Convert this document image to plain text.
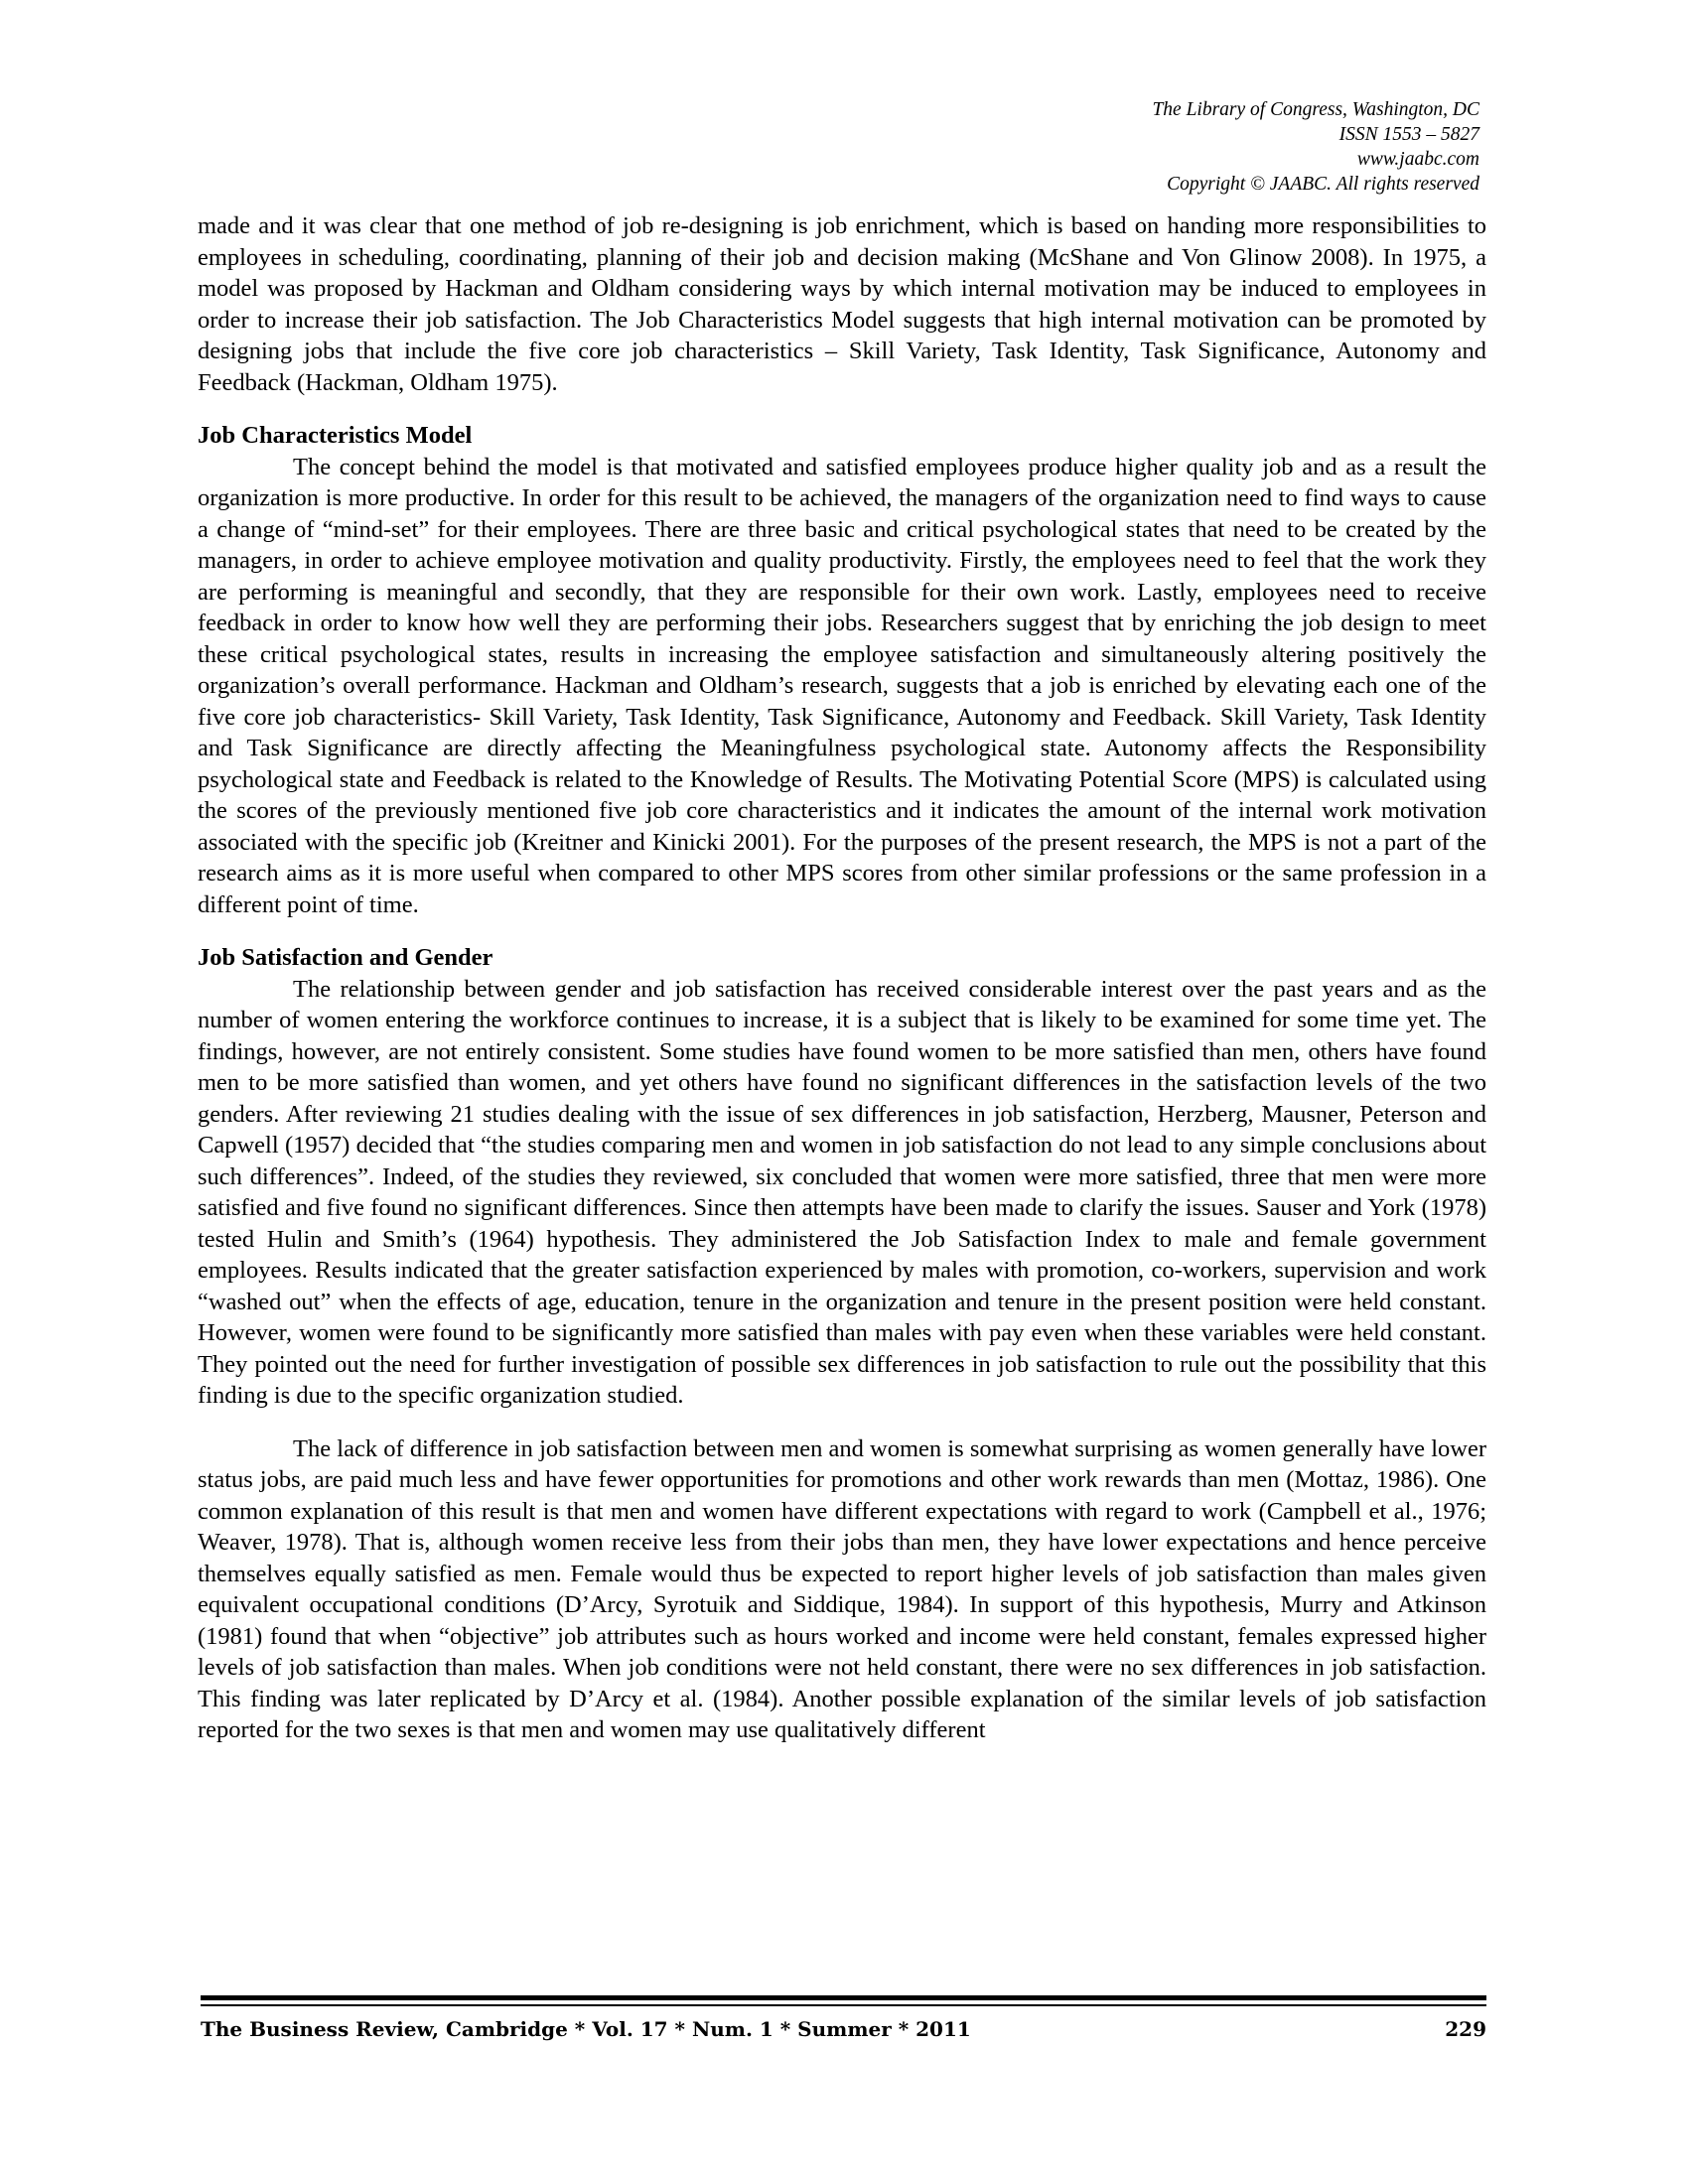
The Library of Congress, Washington, DC
ISSN 1553 – 5827
www.jaabc.com
Copyright © JAABC. All rights reserved

made and it was clear that one method of job re-designing is job enrichment, which is based on handing more responsibilities to employees in scheduling, coordinating, planning of their job and decision making (McShane and Von Glinow 2008). In 1975, a model was proposed by Hackman and Oldham considering ways by which internal motivation may be induced to employees in order to increase their job satisfaction. The Job Characteristics Model suggests that high internal motivation can be promoted by designing jobs that include the five core job characteristics – Skill Variety, Task Identity, Task Significance, Autonomy and Feedback (Hackman, Oldham 1975).

Job Characteristics Model

The concept behind the model is that motivated and satisfied employees produce higher quality job and as a result the organization is more productive. In order for this result to be achieved, the managers of the organization need to find ways to cause a change of “mind-set” for their employees. There are three basic and critical psychological states that need to be created by the managers, in order to achieve employee motivation and quality productivity. Firstly, the employees need to feel that the work they are performing is meaningful and secondly, that they are responsible for their own work. Lastly, employees need to receive feedback in order to know how well they are performing their jobs. Researchers suggest that by enriching the job design to meet these critical psychological states, results in increasing the employee satisfaction and simultaneously altering positively the organization’s overall performance. Hackman and Oldham’s research, suggests that a job is enriched by elevating each one of the five core job characteristics- Skill Variety, Task Identity, Task Significance, Autonomy and Feedback. Skill Variety, Task Identity and Task Significance are directly affecting the Meaningfulness psychological state. Autonomy affects the Responsibility psychological state and Feedback is related to the Knowledge of Results. The Motivating Potential Score (MPS) is calculated using the scores of the previously mentioned five job core characteristics and it indicates the amount of the internal work motivation associated with the specific job (Kreitner and Kinicki 2001). For the purposes of the present research, the MPS is not a part of the research aims as it is more useful when compared to other MPS scores from other similar professions or the same profession in a different point of time.

Job Satisfaction and Gender

The relationship between gender and job satisfaction has received considerable interest over the past years and as the number of women entering the workforce continues to increase, it is a subject that is likely to be examined for some time yet. The findings, however, are not entirely consistent. Some studies have found women to be more satisfied than men, others have found men to be more satisfied than women, and yet others have found no significant differences in the satisfaction levels of the two genders. After reviewing 21 studies dealing with the issue of sex differences in job satisfaction, Herzberg, Mausner, Peterson and Capwell (1957) decided that “the studies comparing men and women in job satisfaction do not lead to any simple conclusions about such differences”. Indeed, of the studies they reviewed, six concluded that women were more satisfied, three that men were more satisfied and five found no significant differences. Since then attempts have been made to clarify the issues. Sauser and York (1978) tested Hulin and Smith’s (1964) hypothesis. They administered the Job Satisfaction Index to male and female government employees. Results indicated that the greater satisfaction experienced by males with promotion, co-workers, supervision and work “washed out” when the effects of age, education, tenure in the organization and tenure in the present position were held constant. However, women were found to be significantly more satisfied than males with pay even when these variables were held constant. They pointed out the need for further investigation of possible sex differences in job satisfaction to rule out the possibility that this finding is due to the specific organization studied.

The lack of difference in job satisfaction between men and women is somewhat surprising as women generally have lower status jobs, are paid much less and have fewer opportunities for promotions and other work rewards than men (Mottaz, 1986). One common explanation of this result is that men and women have different expectations with regard to work (Campbell et al., 1976; Weaver, 1978). That is, although women receive less from their jobs than men, they have lower expectations and hence perceive themselves equally satisfied as men. Female would thus be expected to report higher levels of job satisfaction than males given equivalent occupational conditions (D’Arcy, Syrotuik and Siddique, 1984). In support of this hypothesis, Murry and Atkinson (1981) found that when “objective” job attributes such as hours worked and income were held constant, females expressed higher levels of job satisfaction than males. When job conditions were not held constant, there were no sex differences in job satisfaction. This finding was later replicated by D’Arcy et al. (1984). Another possible explanation of the similar levels of job satisfaction reported for the two sexes is that men and women may use qualitatively different

The Business Review, Cambridge * Vol. 17 * Num. 1 * Summer * 2011	229
